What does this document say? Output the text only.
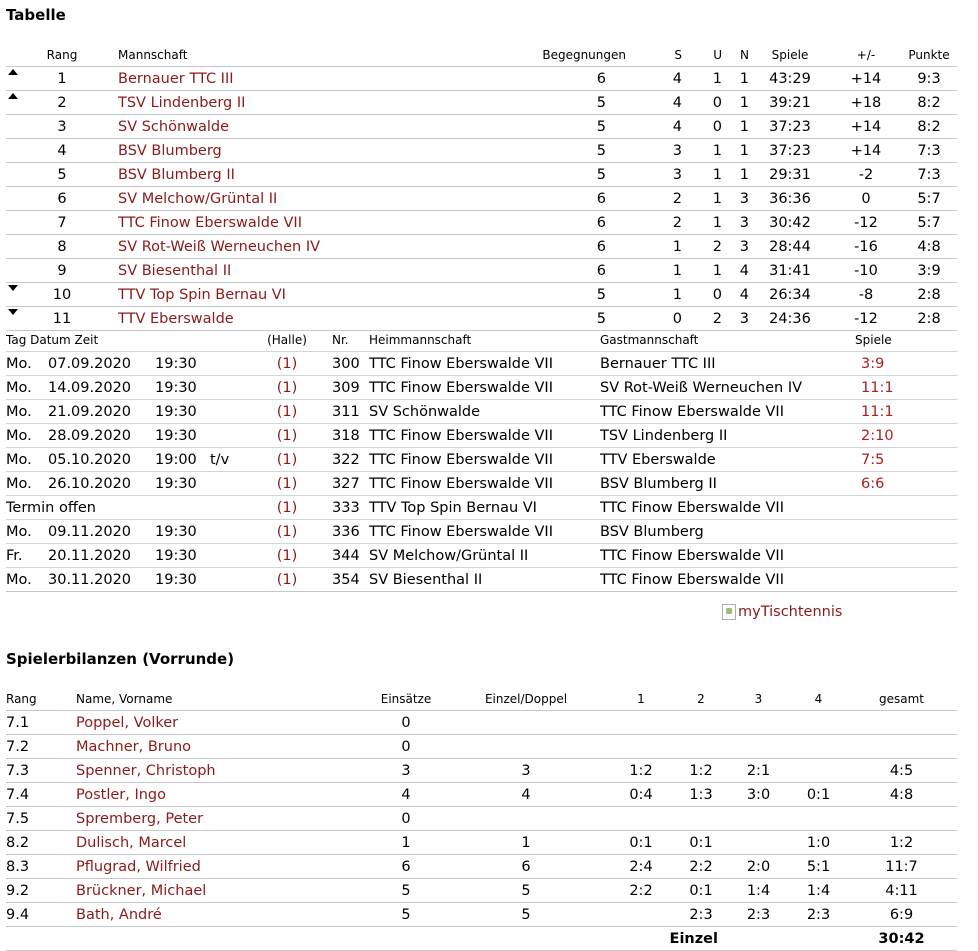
Tabelle
	Rang		Mannschaft	Begegnungen	S	U	N	Spiele	+/-	Punkte
	1		Bernauer TTC III	6	4	1	1	43:29	+14	9:3
	2		TSV Lindenberg II	5	4	0	1	39:21	+18	8:2
	3		SV Schönwalde	5	4	0	1	37:23	+14	8:2
	4		BSV Blumberg	5	3	1	1	37:23	+14	7:3
	5		BSV Blumberg II	5	3	1	1	29:31	-2	7:3
	6		SV Melchow/Grüntal II	6	2	1	3	36:36	0	5:7
	7		TTC Finow Eberswalde VII	6	2	1	3	30:42	-12	5:7
	8		SV Rot-Weiß Werneuchen IV	6	1	2	3	28:44	-16	4:8
	9		SV Biesenthal II	6	1	1	4	31:41	-10	3:9
	10		TTV Top Spin Bernau VI	5	1	0	4	26:34	-8	2:8
	11		TTV Eberswalde	5	0	2	3	24:36	-12	2:8
Tag Datum Zeit				(Halle)	Nr.	Heimmannschaft	Gastmannschaft	Spiele
Mo.	07.09.2020	19:30		(1)	300	TTC Finow Eberswalde VII	Bernauer TTC III	3:9
Mo.	14.09.2020	19:30		(1)	309	TTC Finow Eberswalde VII	SV Rot-Weiß Werneuchen IV	11:1
Mo.	21.09.2020	19:30		(1)	311	SV Schönwalde	TTC Finow Eberswalde VII	11:1
Mo.	28.09.2020	19:30		(1)	318	TTC Finow Eberswalde VII	TSV Lindenberg II	2:10
Mo.	05.10.2020	19:00	t/v	(1)	322	TTC Finow Eberswalde VII	TTV Eberswalde	7:5
Mo.	26.10.2020	19:30		(1)	327	TTC Finow Eberswalde VII	BSV Blumberg II	6:6
Termin offen				(1)	333	TTV Top Spin Bernau VI	TTC Finow Eberswalde VII	
Mo.	09.11.2020	19:30		(1)	336	TTC Finow Eberswalde VII	BSV Blumberg	
Fr.	20.11.2020	19:30		(1)	344	SV Melchow/Grüntal II	TTC Finow Eberswalde VII	
Mo.	30.11.2020	19:30		(1)	354	SV Biesenthal II	TTC Finow Eberswalde VII	
myTischtennis
Spielerbilanzen (Vorrunde)
Rang	Name, Vorname	Einsätze	Einzel/Doppel	1	2	3	4	gesamt
7.1	Poppel, Volker	0						
7.2	Machner, Bruno	0						
7.3	Spenner, Christoph	3	3	1:2	1:2	2:1		4:5
7.4	Postler, Ingo	4	4	0:4	1:3	3:0	0:1	4:8
7.5	Spremberg, Peter	0						
8.2	Dulisch, Marcel	1	1	0:1	0:1		1:0	1:2
8.3	Pflugrad, Wilfried	6	6	2:4	2:2	2:0	5:1	11:7
9.2	Brückner, Michael	5	5	2:2	0:1	1:4	1:4	4:11
9.4	Bath, André	5	5		2:3	2:3	2:3	6:9
				Einzel				30:42
